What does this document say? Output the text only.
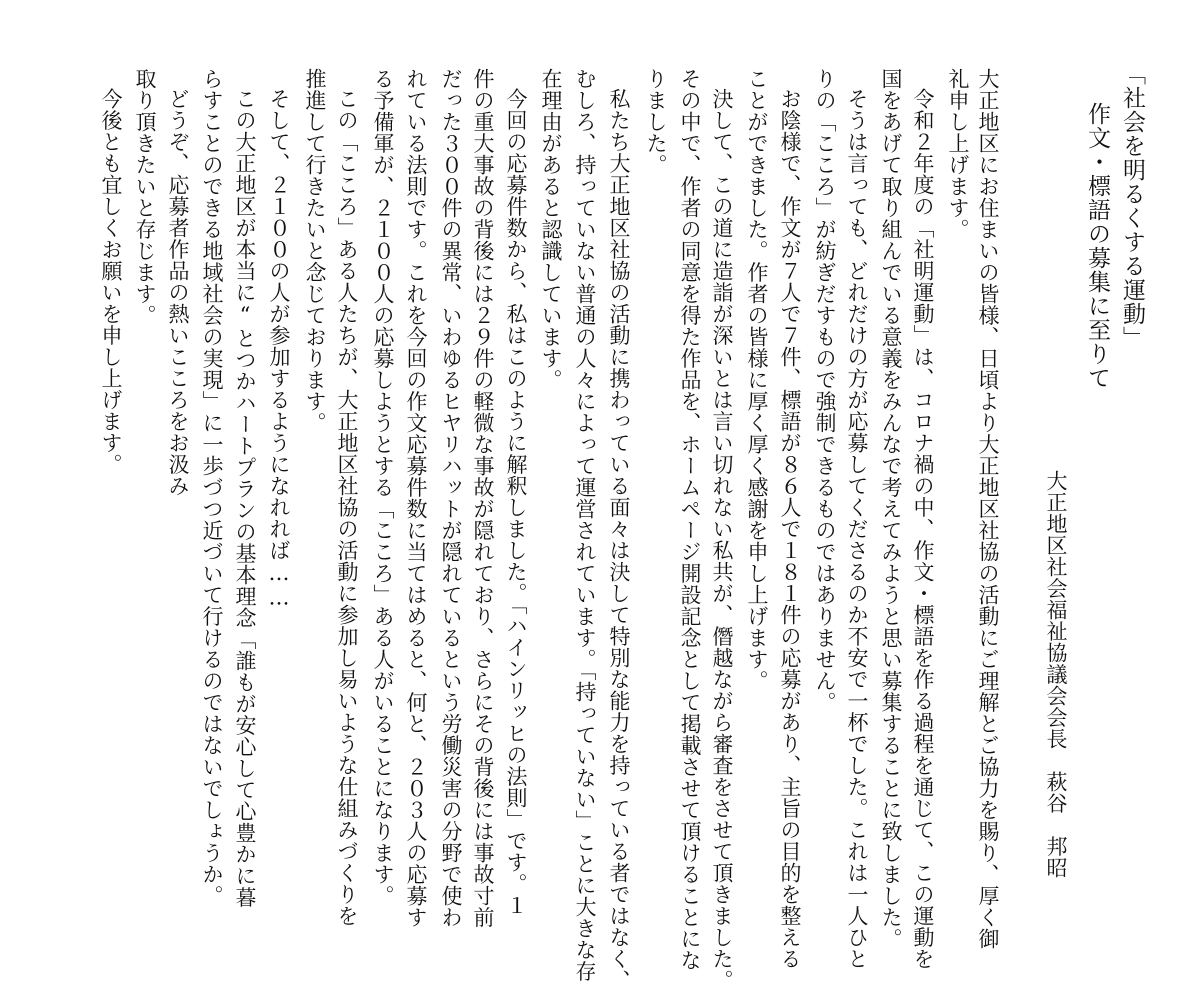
「社会を明るくする運動」
作文・標語の募集に至りて
大正地区社会福祉協議会会長　萩谷　邦昭
大正地区にお住まいの皆様、日頃より大正地区社協の活動にご理解とご協力を賜り、厚く御
礼申し上げます。
令和２年度の「社明運動」は、コロナ禍の中、作文・標語を作る過程を通じて、この運動を
国をあげて取り組んでいる意義をみんなで考えてみようと思い募集することに致しました。
そうは言っても、どれだけの方が応募してくださるのか不安で一杯でした。これは一人ひと
りの「こころ」が紡ぎだすもので強制できるものではありません。
お陰様で、作文が７人で７件、標語が８６人で１８１件の応募があり、主旨の目的を整える
ことができました。作者の皆様に厚く厚く感謝を申し上げます。
決して、この道に造詣が深いとは言い切れない私共が、僭越ながら審査をさせて頂きました。
その中で、作者の同意を得た作品を、ホームページ開設記念として掲載させて頂けることにな
りました。
私たち大正地区社協の活動に携わっている面々は決して特別な能力を持っている者ではなく、
むしろ、持っていない普通の人々によって運営されています。「持っていない」ことに大きな存
在理由があると認識しています。
今回の応募件数から、私はこのように解釈しました。「ハインリッヒの法則」です。１
件の重大事故の背後には２９件の軽微な事故が隠れており、さらにその背後には事故寸前
だった３００件の異常、いわゆるヒヤリハットが隠れているという労働災害の分野で使わ
れている法則です。これを今回の作文応募件数に当てはめると、何と、２０３人の応募す
る予備軍が、２１００人の応募しようとする「こころ」ある人がいることになります。
この「こころ」ある人たちが、大正地区社協の活動に参加し易いような仕組みづくりを
推進して行きたいと念じております。
そして、２１００の人が参加するようになれれば……
この大正地区が本当に“とつかハートプランの基本理念「誰もが安心して心豊かに暮
らすことのできる地域社会の実現」に一歩づつ近づいて行けるのではないでしょうか。
どうぞ、応募者作品の熱いこころをお汲み
取り頂きたいと存じます。
今後とも宜しくお願いを申し上げます。
